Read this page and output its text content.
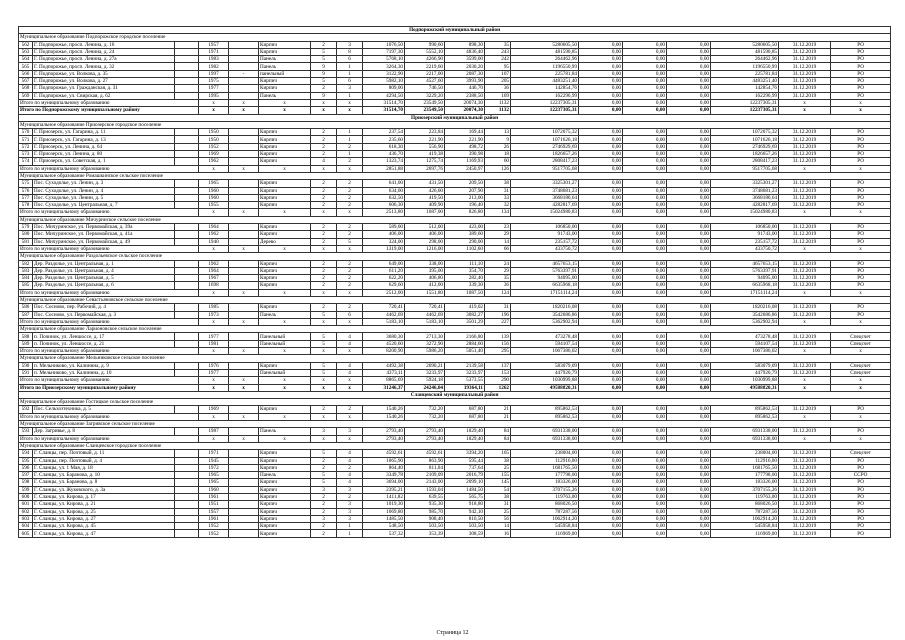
Подпорожский муниципальный район																		
Муниципальное образование Подпорожское городское поселение																		
562	Г. Подпорожье, просп. Ленина, д. 16		1957		Кирпич	2	3	1076,50	990,60	898,30	35	5280605,50	0,00	0,00	0,00	5280605,50	31.12.2019	РО
563	Г. Подпорожье, просп. Ленина, д. 24		1971		Кирпич	5	8	7197,30	5552,10	4836,40	243	481590,85	0,00	0,00	0,00	481590,85	31.12.2019	РО
564	Г. Подпорожье, просп. Ленина, д. 27а		1983		Панель	5	6	5768,10	4266,90	3599,00	242	264462,96	0,00	0,00	0,00	264462,96	31.12.2019	РО
565	Г. Подпорожье, просп. Ленина, д. 32		1982		Панель	9	1	3264,30	2219,60	2030,20	95	1196550,99	0,00	0,00	0,00	1196550,99	31.12.2019	РО
566	Г. Подпорожье, ул. Волкова, д. 35		1997	-	панельный	9	1	3122,90	2217,00	2087,30	107	225781,84	0,00	0,00	0,00	225781,84	31.12.2019	РО
567	Г. Подпорожье, ул. Волкова, д. 27		1975		Кирпич	5	6	5982,10	4527,60	3993,90	205	4483251,40	0,00	0,00	0,00	4483251,40	31.12.2019	РО
568	Г. Подпорожье, ул. Гражданская, д. 31		1977		Кирпич	2	3	809,00	746,50	446,70	36	142854,76	0,00	0,00	0,00	142854,76	31.12.2019	РО
569	Г. Подпорожье, ул. Свирская, д. 62		1995		Панель	9	1	4294,50	3229,20	2388,50	169	162296,99	0,00	0,00	0,00	162296,99	31.12.2019	РО
Итого по муниципальному образованию			x	x	x	x	x	31514,70	23549,50	20074,30	1132	12237305,31	0,00	0,00	0,00	12237305,31	x	x
Итого по Подпорожскому муниципальному району			x	x	x	x	x	31514,70	23549,50	20074,30	1132	12237305,31	0,00	0,00	0,00	12237305,31	x	x
Приозерский муниципальный район																		
Муниципальное образование Приозерское городское поселение																		
570	Г. Приозерск, ул. Гагарина, д. 11		1950		Кирпич	2	1	237,54	223,84	169,44	13	1072075,32	0,00	0,00	0,00	1072075,32	31.12.2019	РО
571	Г. Приозерск, ул. Гагарина, д. 13		1950		Кирпич	2	1	235,60	221,90	221,90	9	1071626,18	0,00	0,00	0,00	1071626,18	31.12.2019	РО
572	Г. Приозерск, ул. Ленина, д. 64		1952		Кирпич	2	2	618,30	556,90	498,72	26	2746929,69	0,00	0,00	0,00	2746929,69	31.12.2019	РО
573	Г. Приозерск, ул. Ленина, д. 80		1969		Кирпич	2	1	436,70	419,38	390,98	18	1826657,26	0,00	0,00	0,00	1826657,26	31.12.2019	РО
574	Г. Приозерск, ул. Советская, д. 1		1962		Кирпич	4	2	1323,74	1275,74	1169,93	60	2808417,23	0,00	0,00	0,00	2808417,23	31.12.2019	РО
Итого по муниципальному образованию			x	x	x	x	x	2851,88	2697,76	2450,97	126	9517705,68	0,00	0,00	0,00	9517705,68	x	x
Муниципальное образование Ромашкинское сельское поселение																		
575	Пос. Суходолье, ул. Ленин, д. 3		1965		Кирпич	2	2	641,00	431,50	209,50	38	3325301,27	0,00	0,00	0,00	3325301,27	31.12.2019	РО
576	Пос. Суходолье, ул. Ленин, д. 4		1960		Кирпич	2	2	634,00	426,00	207,90	31	3748681,23	0,00	0,00	0,00	3748681,23	31.12.2019	РО
577	Пос. Суходолье, ул. Ленин, д. 5		1960		Кирпич	2	2	632,50	419,50	213,00	33	3668180,64	0,00	0,00	0,00	3668180,64	31.12.2019	РО
578	Пос. Суходолье, ул. Центральная, д. 7		1955		Кирпич	2	2	606,30	409,90	196,40	32	4282817,69	0,00	0,00	0,00	4282817,69	31.12.2019	РО
Итого по муниципальному образованию			x	x	x	x	x	2513,80	1687,00	826,80	134	15024980,83	0,00	0,00	0,00	15024980,83	x	x
Муниципальное образование Мичуринское сельское поселение																		
579	Пос. Мичуринское, ул. Первомайская, д. 39а		1964		Кирпич	2	2	589,00	512,00	423,00	23	106850,00	0,00	0,00	0,00	106850,00	31.12.2019	РО
580	Пос. Мичуринское, ул. Первомайская, д. 41а		1962		Кирпич	2	2	406,00	406,00	389,60	29	91743,00	0,00	0,00	0,00	91743,00	31.12.2019	РО
581	Пос. Мичуринское, ул. Первомайская, д. 49		1940		Дерево	2	5	324,00	298,00	290,00	14	235157,72	0,00	0,00	0,00	235157,72	31.12.2019	РО
Итого по муниципальному образованию			x	x	x	x	x	1319,00	1216,00	1102,60	66	433750,72	0,00	0,00	0,00	433750,72	x	x
Муниципальное образование Раздольевское сельское поселение																		
582	Дер. Раздолье, ул. Центральная, д. 1		1962		Кирпич	2	2	649,00	338,00	111,10	24	4657653,15	0,00	0,00	0,00	4657653,15	31.12.2019	РО
583	Дер. Раздолье, ул. Центральная, д. 4		1964		Кирпич	2	2	611,20	395,00	354,70	29	5763397,91	0,00	0,00	0,00	5763397,91	31.12.2019	РО
584	Дер. Раздолье, ул. Центральная, д. 5		1967		Кирпич	2	2	622,20	406,80	282,40	35	94095,00	0,00	0,00	0,00	94095,00	31.12.2019	РО
585	Дер. Раздолье, ул. Центральная, д. 6		1698		Кирпич	2	2	629,60	412,00	339,30	36	6635968,18	0,00	0,00	0,00	6635968,18	31.12.2019	РО
Итого по муниципальному образованию			x	x	x	x	x	2512,00	1551,80	1087,50	124	17151114,24	0,00	0,00	0,00	17151114,24	x	x
Муниципальное образование Севастьяновское сельское поселение																		
586	Пос. Сосново, пер. Рабочий, д. 4		1985		Кирпич	2	2	720,41	720,41	419,02	31	1820216,08	0,00	0,00	0,00	1820216,08	31.12.2019	РО
587	Пос. Сосново, ул. Первомайская, д. 3		1973		Панель	5	6	4462,69	4462,69	3082,27	196	3542686,86	0,00	0,00	0,00	3542686,86	31.12.2019	РО
Итого по муниципальному образованию			x	x	x	x	x	5183,10	5183,10	3501,29	227	5362902,94	0,00	0,00	0,00	5362902,94	x	x
Муниципальное образование Ларионовское сельское поселение																		
588	п. Починок, ул. Леншоссе, д. 17		1977		Панельный	5	4	3680,30	2713,30	2166,80	139	473278,48	0,00	0,00	0,00	473278,48	31.12.2019	Спецсчет
589	п. Починок, ул. Леншоссе, д. 21		1981		Панельный	5	4	4520,60	3272,90	2884,60	156	594107,54	0,00	0,00	0,00	594107,54	31.12.2019	Спецсчет
Итого по муниципальному образованию			x	x	x	x	x	8200,90	5986,20	5051,40	295	1067386,02	0,00	0,00	0,00	1067386,02	x	x
Муниципальное образование Мельниковское сельское поселение																		
590	п. Мельниково, ул. Калинина, д. 9		1976		Кирпич	5	4	4492,38	2690,21	2139,58	137	583079,09	0,00	0,00	0,00	583079,09	31.12.2019	Спецсчет
591	п. Мельниково, ул. Калинина, д. 10		1977		Панельный	5	4	4373,11	3233,97	3233,97	153	447920,79	0,00	0,00	0,00	447920,79	31.12.2019	Спецсчет
Итого по муниципальному образованию			x	x	x	x	x	8865,69	5924,18	5373,55	290	1030999,88	0,00	0,00	0,00	1030999,88	x	x
Итого по Приозерскому муниципальному району			x	x	x	x	x	31246,37	24246,04	19364,11	1262	49588820,31	0,00	0,00	0,00	49588820,31	x	x
Сланцевский муниципальный район																		
Муниципальное образование Гостицкое сельское поселение																		
592	Пос. Сельхозтехника, д. 5		1969		Кирпич	2	2	1540,26	732,20	687,80	21	895862,53	0,00	0,00	0,00	895862,53	31.12.2019	РО
Итого по муниципальному образованию			x	x	x	x	x	1540,26	732,20	687,80	21	895862,53	0,00	0,00	0,00	895862,53	x	x
Муниципальное образование Загривское сельское поселение																		
593	Дер. Загривье, д. 8		1987		Панель	3	3	2793,40	2793,40	1829,40	84	6931338,00	0,00	0,00	0,00	6931338,00	31.12.2019	РО
Итого по муниципальному образованию			x	x	x	x	x	2793,40	2793,40	1829,40	84	6931338,00	0,00	0,00	0,00	6931338,00	x	x
Муниципальное образование Сланцевское городское поселение																		
594	Г. Сланцы, пер. Почтовый, д. 11		1971		Кирпич	5	4	4592,61	4592,61	3394,20	165	238004,00	0,00	0,00	0,00	238004,00	31.12.2019	Спецсчет
595	Г. Сланцы, пер. Почтовый, д. 4		1945		Кирпич	2	4	1065,90	863,90	595,44	38	112916,00	0,00	0,00	0,00	112916,00	31.12.2019	РО
596	Г. Сланцы, ул. 1 Мая, д. 18		1972		Кирпич	2	2	864,40	811,04	737,64	25	1681765,50	0,00	0,00	0,00	1681765,50	31.12.2019	РО
597	Г. Сланцы, ул. Баранова, д. 10		1965		Панель	5	4	3349,78	2109,09	2016,79	155	177798,00	0,00	0,00	0,00	177798,00	31.12.2019	ССРО
598	Г. Сланцы, ул. Баранова, д. 8		1965		Кирпич	5	4	3694,00	2143,00	2099,10	145	183326,00	0,00	0,00	0,00	183326,00	31.12.2019	РО
599	Г. Сланцы, ул. Жуковского, д. 3а		1960		Кирпич	3	3	2395,21	1593,04	1484,50	54	3707155,26	0,00	0,00	0,00	3707155,26	31.12.2019	РО
600	Г. Сланцы, ул. Кирова, д. 17		1961		Кирпич	2	2	1411,82	639,55	565,75	38	119763,00	0,00	0,00	0,00	119763,00	31.12.2019	РО
601	Г. Сланцы, ул. Кирова, д. 21		1951		Кирпич	2	3	1019,30	935,30	918,80	31	868026,50	0,00	0,00	0,00	868026,50	31.12.2019	РО
602	Г. Сланцы, ул. Кирова, д. 25		1957		Кирпич	2	3	1069,80	985,70	942,10	25	787287,56	0,00	0,00	0,00	787287,56	31.12.2019	РО
603	Г. Сланцы, ул. Кирова, д. 27		1961		Кирпич	3	3	1485,50	908,40	816,50	56	1062914,20	0,00	0,00	0,00	1062914,20	31.12.2019	РО
604	Г. Сланцы, ул. Кирова, д. 45		1952		Кирпич	2	1	548,50	503,50	503,50	14	545958,84	0,00	0,00	0,00	545958,84	31.12.2019	РО
605	Г. Сланцы, ул. Кирова, д. 47		1952		Кирпич	2	1	537,32	353,39	308,59	16	116969,00	0,00	0,00	0,00	116969,00	31.12.2019	РО
Страница 12
